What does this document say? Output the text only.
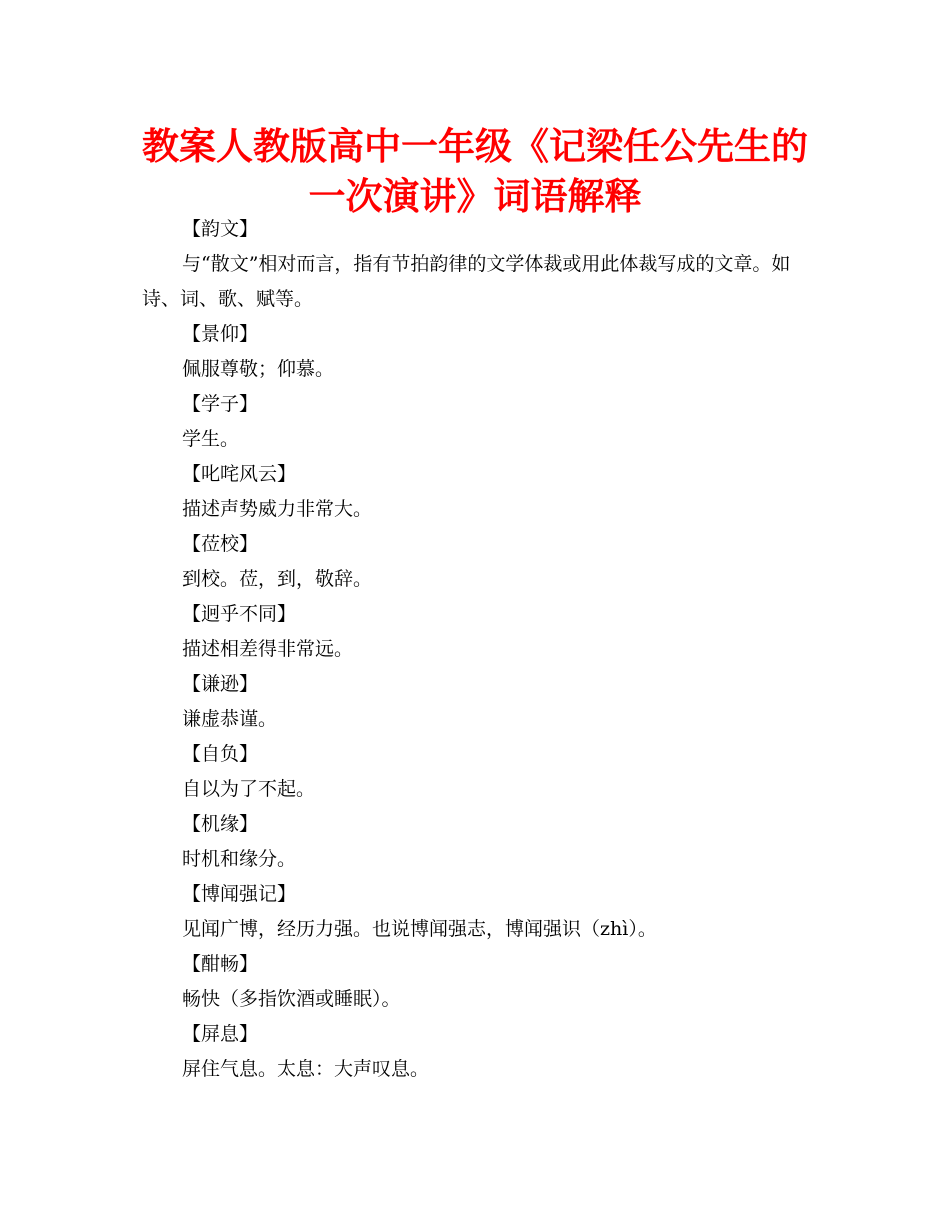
教案人教版高中一年级《记梁任公先生的
一次演讲》词语解释

【韵文】

与“散文”相对而言，指有节拍韵律的文学体裁或用此体裁写成的文章。如诗、词、歌、赋等。

【景仰】

佩服尊敬；仰慕。

【学子】

学生。

【叱咤风云】

描述声势威力非常大。

【莅校】

到校。莅，到，敬辞。

【迥乎不同】

描述相差得非常远。

【谦逊】

谦虚恭谨。

【自负】

自以为了不起。

【机缘】

时机和缘分。

【博闻强记】

见闻广博，经历力强。也说博闻强志，博闻强识（zhì）。

【酣畅】

畅快（多指饮酒或睡眠）。

【屏息】

屏住气息。太息：大声叹息。
